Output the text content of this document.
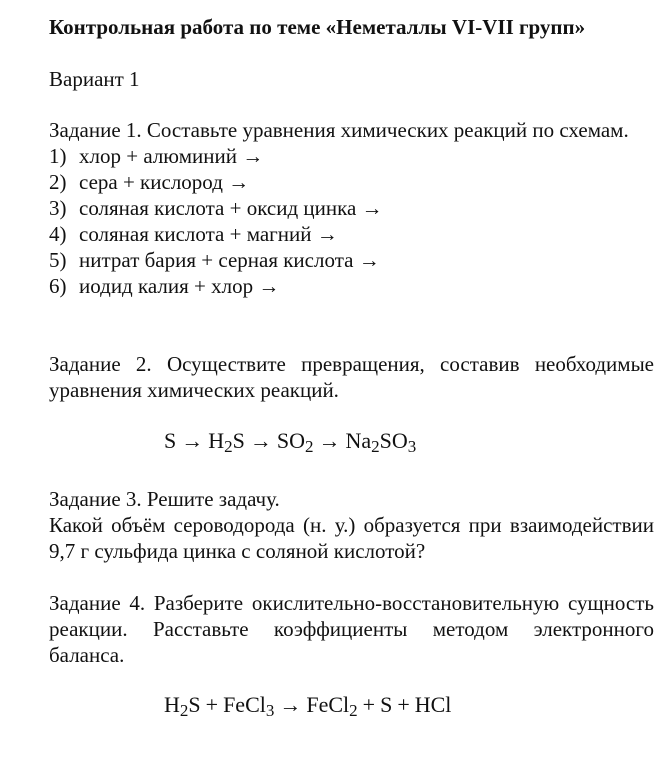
Контрольная работа по теме «Неметаллы VI-VII групп»
Вариант 1
Задание 1. Составьте уравнения химических реакций по схемам.
1) хлор + алюминий →
2) сера + кислород →
3) соляная кислота + оксид цинка →
4) соляная кислота + магний →
5) нитрат бария + серная кислота →
6) иодид калия + хлор →
Задание 2. Осуществите превращения, составив необходимые уравнения химических реакций.
$S \to H_2S \to SO_2 \to Na_2SO_3$
Задание 3. Решите задачу.
Какой объём сероводорода (н. у.) образуется при взаимодействии 9,7 г сульфида цинка с соляной кислотой?
Задание 4. Разберите окислительно-восстановительную сущность реакции. Расставьте коэффициенты методом электронного баланса.
$H_2S$ + FeCl$_3$ → FeCl$_2$ + S + HCl
